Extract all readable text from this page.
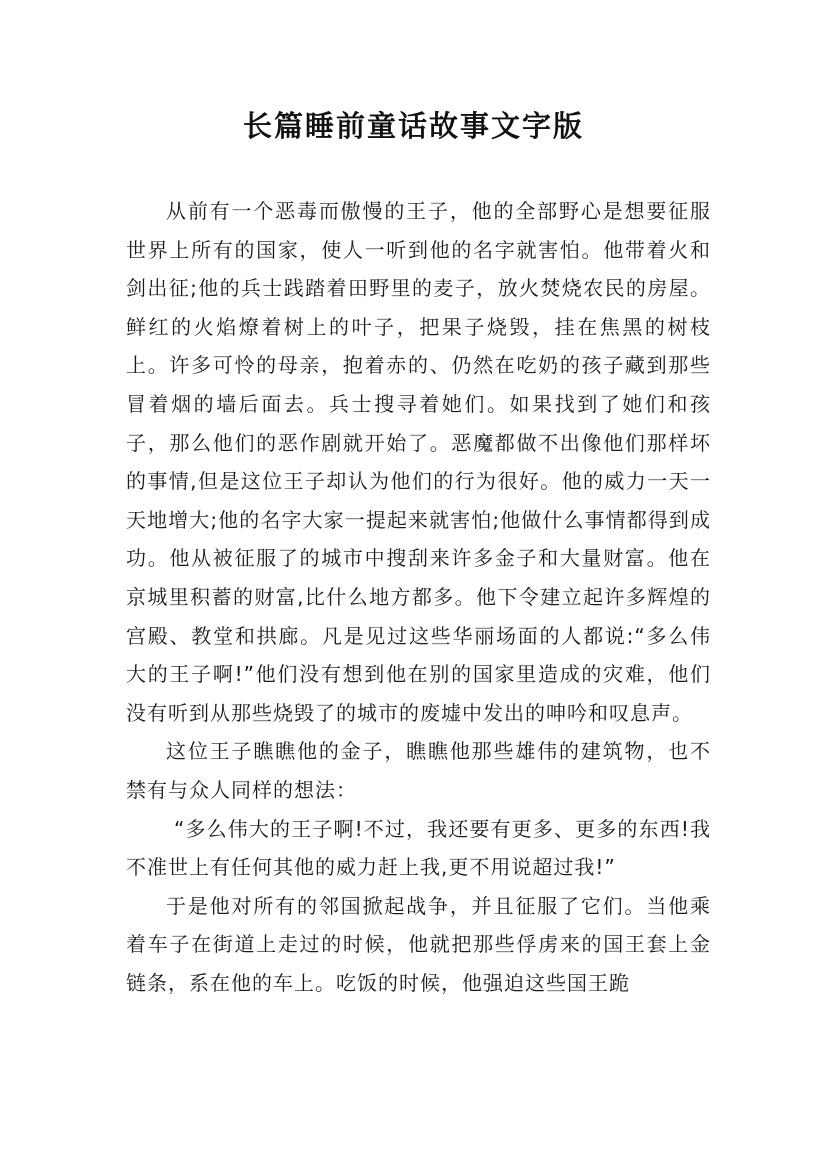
长篇睡前童话故事文字版

从前有一个恶毒而傲慢的王子，他的全部野心是想要征服世界上所有的国家，使人一听到他的名字就害怕。他带着火和剑出征;他的兵士践踏着田野里的麦子，放火焚烧农民的房屋。鲜红的火焰燎着树上的叶子，把果子烧毁，挂在焦黑的树枝上。许多可怜的母亲，抱着赤的、仍然在吃奶的孩子藏到那些冒着烟的墙后面去。兵士搜寻着她们。如果找到了她们和孩子，那么他们的恶作剧就开始了。恶魔都做不出像他们那样坏的事情,但是这位王子却认为他们的行为很好。他的威力一天一天地增大;他的名字大家一提起来就害怕;他做什么事情都得到成功。他从被征服了的城市中搜刮来许多金子和大量财富。他在京城里积蓄的财富,比什么地方都多。他下令建立起许多辉煌的宫殿、教堂和拱廊。凡是见过这些华丽场面的人都说:“多么伟大的王子啊!”他们没有想到他在别的国家里造成的灾难，他们没有听到从那些烧毁了的城市的废墟中发出的呻吟和叹息声。

这位王子瞧瞧他的金子，瞧瞧他那些雄伟的建筑物，也不禁有与众人同样的想法：

“多么伟大的王子啊!不过，我还要有更多、更多的东西!我不准世上有任何其他的威力赶上我,更不用说超过我!”

于是他对所有的邻国掀起战争，并且征服了它们。当他乘着车子在街道上走过的时候，他就把那些俘虏来的国王套上金链条，系在他的车上。吃饭的时候，他强迫这些国王跪
